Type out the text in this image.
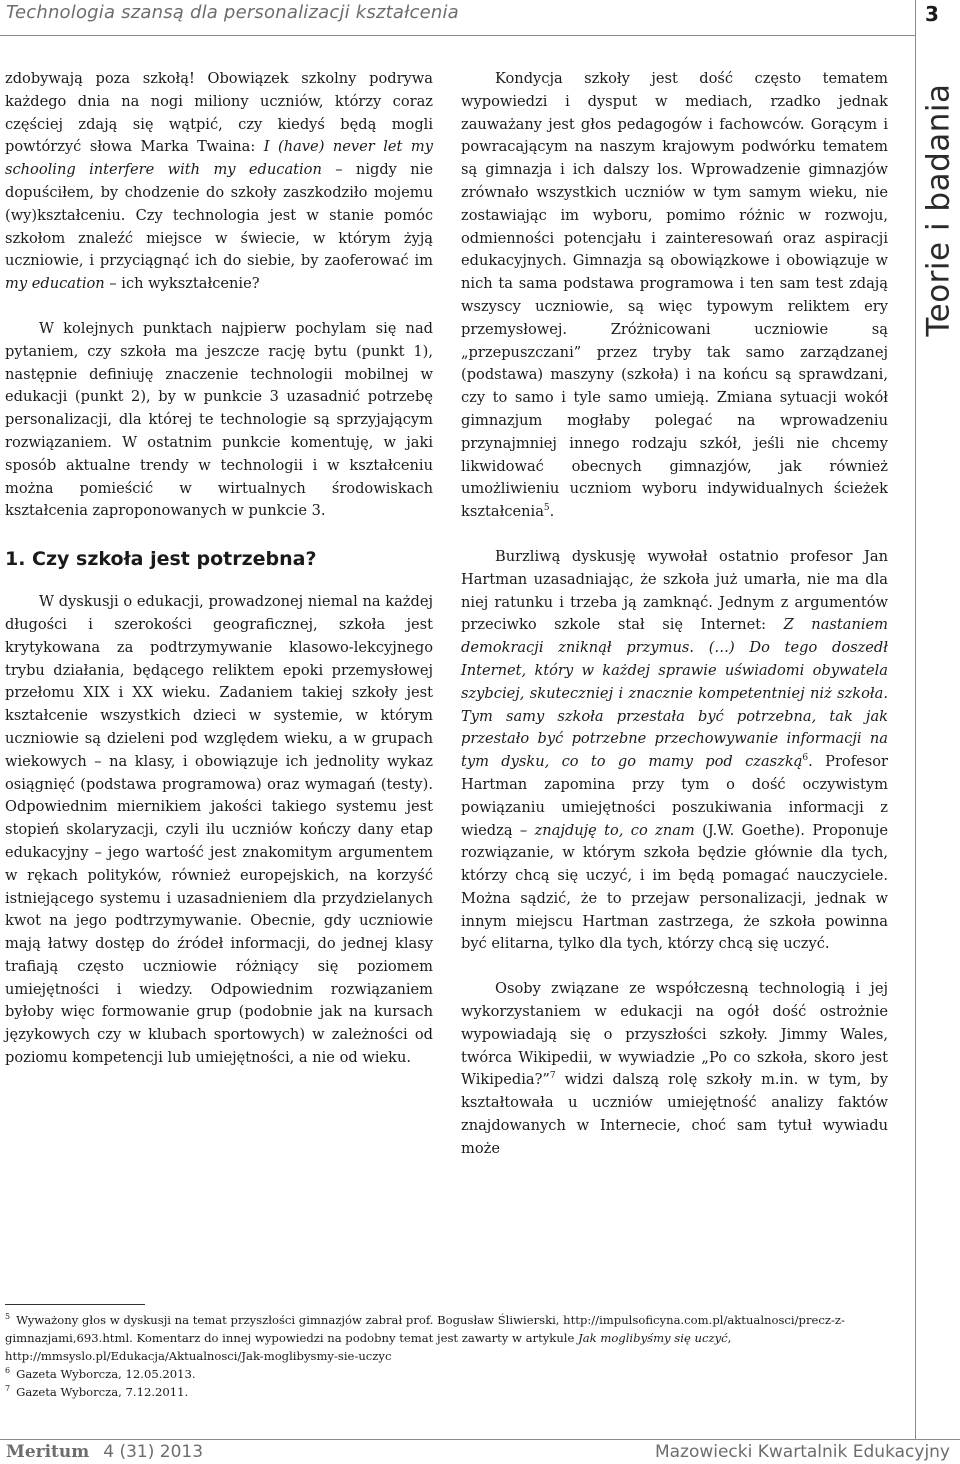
Technologia szansą dla personalizacji kształcenia	3
Teorie i badania

zdobywają poza szkołą! Obowiązek szkolny podrywa każdego dnia na nogi miliony uczniów, którzy coraz częściej zdają się wątpić, czy kiedyś będą mogli powtórzyć słowa Marka Twaina: I (have) never let my schooling interfere with my education – nigdy nie dopuściłem, by chodzenie do szkoły zaszkodziło mojemu (wy)kształceniu. Czy technologia jest w stanie pomóc szkołom znaleźć miejsce w świecie, w którym żyją uczniowie, i przyciągnąć ich do siebie, by zaoferować im my education – ich wykształcenie?

W kolejnych punktach najpierw pochylam się nad pytaniem, czy szkoła ma jeszcze rację bytu (punkt 1), następnie definiuję znaczenie technologii mobilnej w edukacji (punkt 2), by w punkcie 3 uzasadnić potrzebę personalizacji, dla której te technologie są sprzyjającym rozwiązaniem. W ostatnim punkcie komentuję, w jaki sposób aktualne trendy w technologii i w kształceniu można pomieścić w wirtualnych środowiskach kształcenia zaproponowanych w punkcie 3.

1. Czy szkoła jest potrzebna?

W dyskusji o edukacji, prowadzonej niemal na każdej długości i szerokości geograficznej, szkoła jest krytykowana za podtrzymywanie klasowo-lekcyjnego trybu działania, będącego reliktem epoki przemysłowej przełomu XIX i XX wieku. Zadaniem takiej szkoły jest kształcenie wszystkich dzieci w systemie, w którym uczniowie są dzieleni pod względem wieku, a w grupach wiekowych – na klasy, i obowiązuje ich jednolity wykaz osiągnięć (podstawa programowa) oraz wymagań (testy). Odpowiednim miernikiem jakości takiego systemu jest stopień skolaryzacji, czyli ilu uczniów kończy dany etap edukacyjny – jego wartość jest znakomitym argumentem w rękach polityków, również europejskich, na korzyść istniejącego systemu i uzasadnieniem dla przydzielanych kwot na jego podtrzymywanie. Obecnie, gdy uczniowie mają łatwy dostęp do źródeł informacji, do jednej klasy trafiają często uczniowie różniący się poziomem umiejętności i wiedzy. Odpowiednim rozwiązaniem byłoby więc formowanie grup (podobnie jak na kursach językowych czy w klubach sportowych) w zależności od poziomu kompetencji lub umiejętności, a nie od wieku.

Kondycja szkoły jest dość często tematem wypowiedzi i dysput w mediach, rzadko jednak zauważany jest głos pedagogów i fachowców. Gorącym i powracającym na naszym krajowym podwórku tematem są gimnazja i ich dalszy los. Wprowadzenie gimnazjów zrównało wszystkich uczniów w tym samym wieku, nie zostawiając im wyboru, pomimo różnic w rozwoju, odmienności potencjału i zainteresowań oraz aspiracji edukacyjnych. Gimnazja są obowiązkowe i obowiązuje w nich ta sama podstawa programowa i ten sam test zdają wszyscy uczniowie, są więc typowym reliktem ery przemysłowej. Zróżnicowani uczniowie są „przepuszczani” przez tryby tak samo zarządzanej (podstawa) maszyny (szkoła) i na końcu są sprawdzani, czy to samo i tyle samo umieją. Zmiana sytuacji wokół gimnazjum mogłaby polegać na wprowadzeniu przynajmniej innego rodzaju szkół, jeśli nie chcemy likwidować obecnych gimnazjów, jak również umożliwieniu uczniom wyboru indywidualnych ścieżek kształcenia$^5$.

Burzliwą dyskusję wywołał ostatnio profesor Jan Hartman uzasadniając, że szkoła już umarła, nie ma dla niej ratunku i trzeba ją zamknąć. Jednym z argumentów przeciwko szkole stał się Internet: Z nastaniem demokracji zniknął przymus. (…) Do tego doszedł Internet, który w każdej sprawie uświadomi obywatela szybciej, skuteczniej i znacznie kompetentniej niż szkoła. Tym samy szkoła przestała być potrzebna, tak jak przestało być potrzebne przechowywanie informacji na tym dysku, co to go mamy pod czaszką$^6$. Profesor Hartman zapomina przy tym o dość oczywistym powiązaniu umiejętności poszukiwania informacji z wiedzą – znajduję to, co znam (J.W. Goethe). Proponuje rozwiązanie, w którym szkoła będzie głównie dla tych, którzy chcą się uczyć, i im będą pomagać nauczyciele. Można sądzić, że to przejaw personalizacji, jednak w innym miejscu Hartman zastrzega, że szkoła powinna być elitarna, tylko dla tych, którzy chcą się uczyć.

Osoby związane ze współczesną technologią i jej wykorzystaniem w edukacji na ogół dość ostrożnie wypowiadają się o przyszłości szkoły. Jimmy Wales, twórca Wikipedii, w wywiadzie „Po co szkoła, skoro jest Wikipedia?”$^7$ widzi dalszą rolę szkoły m.in. w tym, by kształtowała u uczniów umiejętność analizy faktów znajdowanych w Internecie, choć sam tytuł wywiadu może

$^5$ Wyważony głos w dyskusji na temat przyszłości gimnazjów zabrał prof. Bogusław Śliwierski, http://impulsoficyna.com.pl/aktualnosci/precz-z-gimnazjami,693.html. Komentarz do innej wypowiedzi na podobny temat jest zawarty w artykule Jak moglibyśmy się uczyć, http://mmsyslo.pl/Edukacja/Aktualnosci/Jak-moglibysmy-sie-uczyc

$^6$ Gazeta Wyborcza, 12.05.2013.

$^7$ Gazeta Wyborcza, 7.12.2011.

Meritum 4 (31) 2013	Mazowiecki Kwartalnik Edukacyjny
